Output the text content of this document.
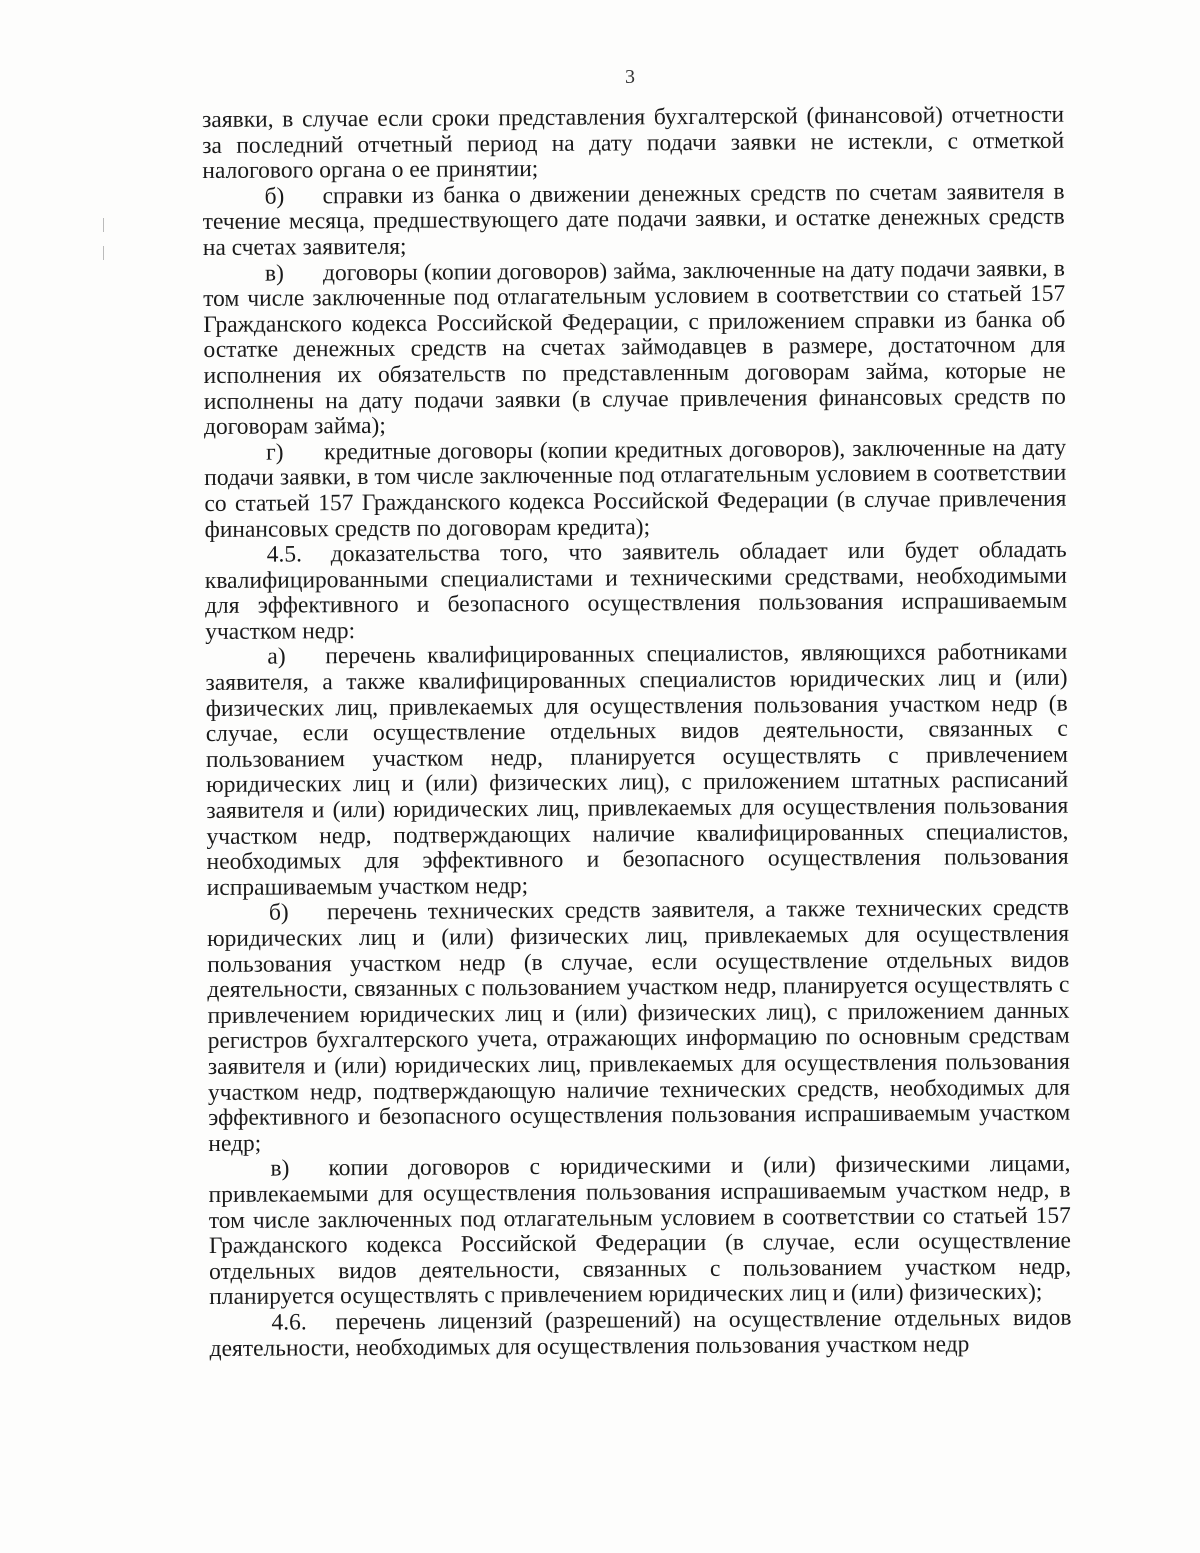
3

заявки, в случае если сроки представления бухгалтерской (финансовой) отчетности за последний отчетный период на дату подачи заявки не истекли, с отметкой налогового органа о ее принятии;

б) справки из банка о движении денежных средств по счетам заявителя в течение месяца, предшествующего дате подачи заявки, и остатке денежных средств на счетах заявителя;

в) договоры (копии договоров) займа, заключенные на дату подачи заявки, в том числе заключенные под отлагательным условием в соответствии со статьей 157 Гражданского кодекса Российской Федерации, с приложением справки из банка об остатке денежных средств на счетах займодавцев в размере, достаточном для исполнения их обязательств по представленным договорам займа, которые не исполнены на дату подачи заявки (в случае привлечения финансовых средств по договорам займа);

г) кредитные договоры (копии кредитных договоров), заключенные на дату подачи заявки, в том числе заключенные под отлагательным условием в соответствии со статьей 157 Гражданского кодекса Российской Федерации (в случае привлечения финансовых средств по договорам кредита);

4.5. доказательства того, что заявитель обладает или будет обладать квалифицированными специалистами и техническими средствами, необходимыми для эффективного и безопасного осуществления пользования испрашиваемым участком недр:

а) перечень квалифицированных специалистов, являющихся работниками заявителя, а также квалифицированных специалистов юридических лиц и (или) физических лиц, привлекаемых для осуществления пользования участком недр (в случае, если осуществление отдельных видов деятельности, связанных с пользованием участком недр, планируется осуществлять с привлечением юридических лиц и (или) физических лиц), с приложением штатных расписаний заявителя и (или) юридических лиц, привлекаемых для осуществления пользования участком недр, подтверждающих наличие квалифицированных специалистов, необходимых для эффективного и безопасного осуществления пользования испрашиваемым участком недр;

б) перечень технических средств заявителя, а также технических средств юридических лиц и (или) физических лиц, привлекаемых для осуществления пользования участком недр (в случае, если осуществление отдельных видов деятельности, связанных с пользованием участком недр, планируется осуществлять с привлечением юридических лиц и (или) физических лиц), с приложением данных регистров бухгалтерского учета, отражающих информацию по основным средствам заявителя и (или) юридических лиц, привлекаемых для осуществления пользования участком недр, подтверждающую наличие технических средств, необходимых для эффективного и безопасного осуществления пользования испрашиваемым участком недр;

в) копии договоров с юридическими и (или) физическими лицами, привлекаемыми для осуществления пользования испрашиваемым участком недр, в том числе заключенных под отлагательным условием в соответствии со статьей 157 Гражданского кодекса Российской Федерации (в случае, если осуществление отдельных видов деятельности, связанных с пользованием участком недр, планируется осуществлять с привлечением юридических лиц и (или) физических);

4.6. перечень лицензий (разрешений) на осуществление отдельных видов деятельности, необходимых для осуществления пользования участком недр
